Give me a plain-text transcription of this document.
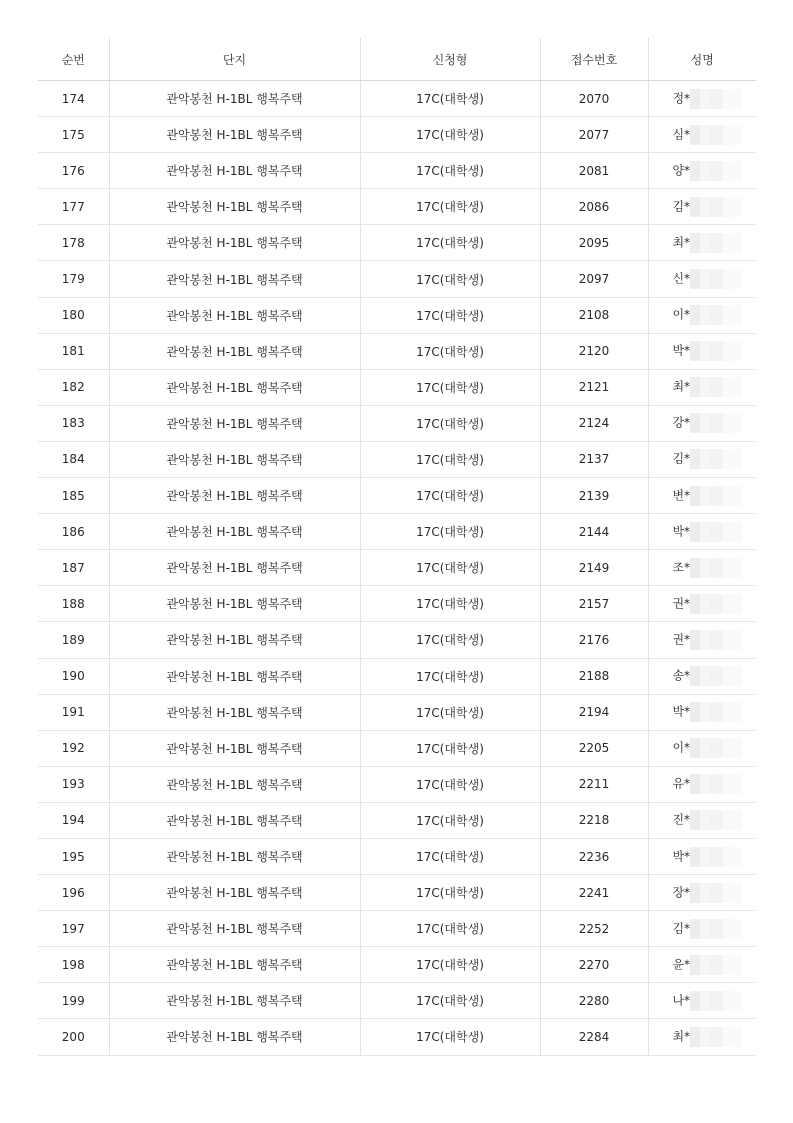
순번	단지	신청형	접수번호	성명
174	관악봉천 H-1BL 행복주택	17C(대학생)	2070	정*
175	관악봉천 H-1BL 행복주택	17C(대학생)	2077	심*
176	관악봉천 H-1BL 행복주택	17C(대학생)	2081	양*
177	관악봉천 H-1BL 행복주택	17C(대학생)	2086	김*
178	관악봉천 H-1BL 행복주택	17C(대학생)	2095	최*
179	관악봉천 H-1BL 행복주택	17C(대학생)	2097	신*
180	관악봉천 H-1BL 행복주택	17C(대학생)	2108	이*
181	관악봉천 H-1BL 행복주택	17C(대학생)	2120	박*
182	관악봉천 H-1BL 행복주택	17C(대학생)	2121	최*
183	관악봉천 H-1BL 행복주택	17C(대학생)	2124	강*
184	관악봉천 H-1BL 행복주택	17C(대학생)	2137	김*
185	관악봉천 H-1BL 행복주택	17C(대학생)	2139	변*
186	관악봉천 H-1BL 행복주택	17C(대학생)	2144	박*
187	관악봉천 H-1BL 행복주택	17C(대학생)	2149	조*
188	관악봉천 H-1BL 행복주택	17C(대학생)	2157	권*
189	관악봉천 H-1BL 행복주택	17C(대학생)	2176	권*
190	관악봉천 H-1BL 행복주택	17C(대학생)	2188	송*
191	관악봉천 H-1BL 행복주택	17C(대학생)	2194	박*
192	관악봉천 H-1BL 행복주택	17C(대학생)	2205	이*
193	관악봉천 H-1BL 행복주택	17C(대학생)	2211	유*
194	관악봉천 H-1BL 행복주택	17C(대학생)	2218	진*
195	관악봉천 H-1BL 행복주택	17C(대학생)	2236	박*
196	관악봉천 H-1BL 행복주택	17C(대학생)	2241	장*
197	관악봉천 H-1BL 행복주택	17C(대학생)	2252	김*
198	관악봉천 H-1BL 행복주택	17C(대학생)	2270	윤*
199	관악봉천 H-1BL 행복주택	17C(대학생)	2280	나*
200	관악봉천 H-1BL 행복주택	17C(대학생)	2284	최*
